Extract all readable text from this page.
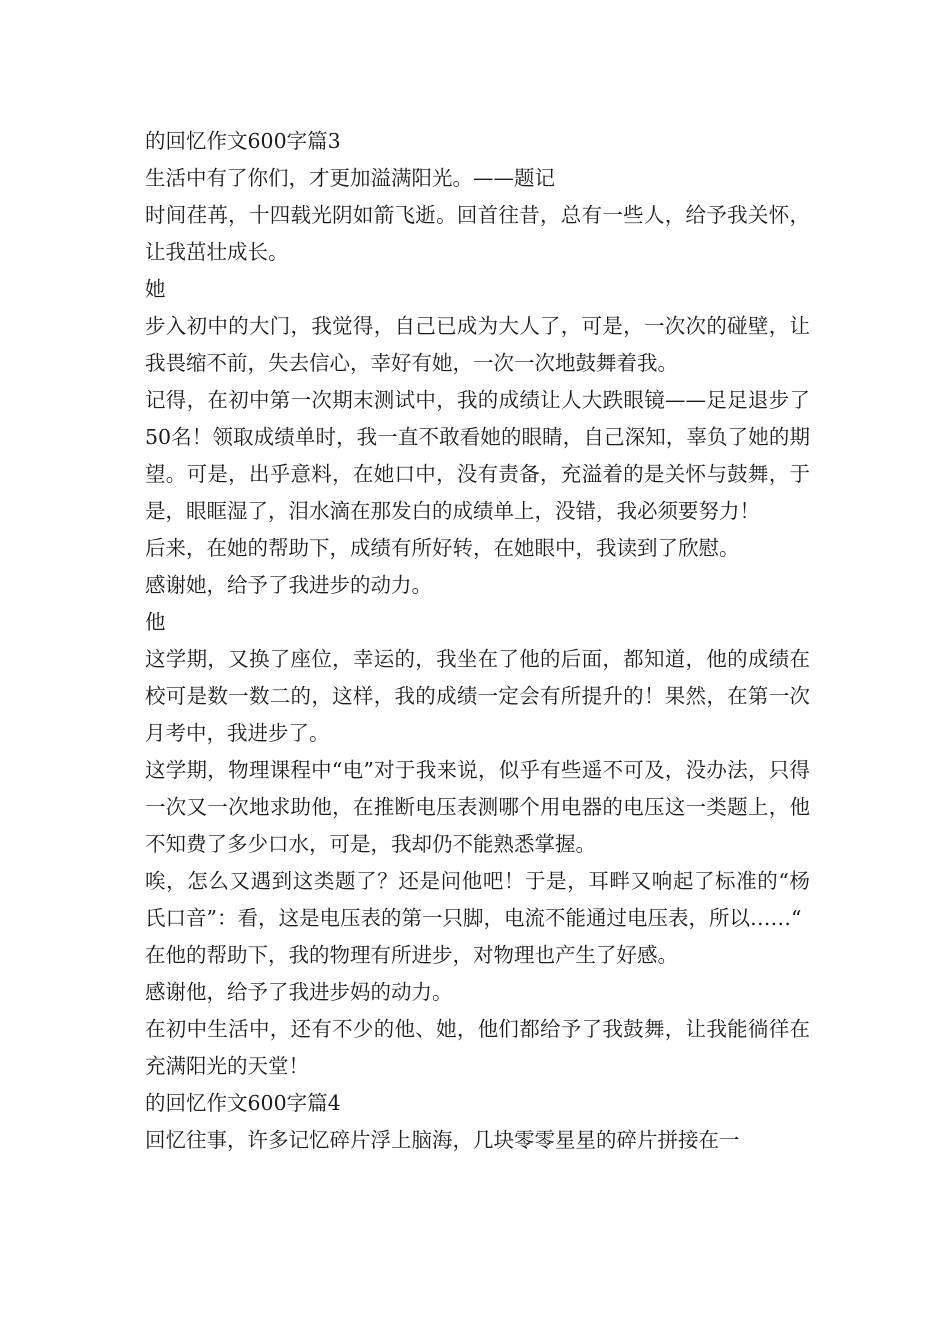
的回忆作文600字篇3

生活中有了你们，才更加溢满阳光。——题记

时间荏苒，十四载光阴如箭飞逝。回首往昔，总有一些人，给予我关怀，让我茁壮成长。

她

步入初中的大门，我觉得，自己已成为大人了，可是，一次次的碰壁，让我畏缩不前，失去信心，幸好有她，一次一次地鼓舞着我。

记得，在初中第一次期末测试中，我的成绩让人大跌眼镜——足足退步了50名！领取成绩单时，我一直不敢看她的眼睛，自己深知，辜负了她的期望。可是，出乎意料，在她口中，没有责备，充溢着的是关怀与鼓舞，于是，眼眶湿了，泪水滴在那发白的成绩单上，没错，我必须要努力！

后来，在她的帮助下，成绩有所好转，在她眼中，我读到了欣慰。

感谢她，给予了我进步的动力。

他

这学期，又换了座位，幸运的，我坐在了他的后面，都知道，他的成绩在校可是数一数二的，这样，我的成绩一定会有所提升的！果然，在第一次月考中，我进步了。

这学期，物理课程中“电”对于我来说，似乎有些遥不可及，没办法，只得一次又一次地求助他，在推断电压表测哪个用电器的电压这一类题上，他不知费了多少口水，可是，我却仍不能熟悉掌握。

唉，怎么又遇到这类题了？还是问他吧！于是，耳畔又响起了标准的“杨氏口音”：看，这是电压表的第一只脚，电流不能通过电压表，所以……“

在他的帮助下，我的物理有所进步，对物理也产生了好感。

感谢他，给予了我进步妈的动力。

在初中生活中，还有不少的他、她，他们都给予了我鼓舞，让我能徜徉在充满阳光的天堂！

的回忆作文600字篇4

回忆往事，许多记忆碎片浮上脑海，几块零零星星的碎片拼接在一
